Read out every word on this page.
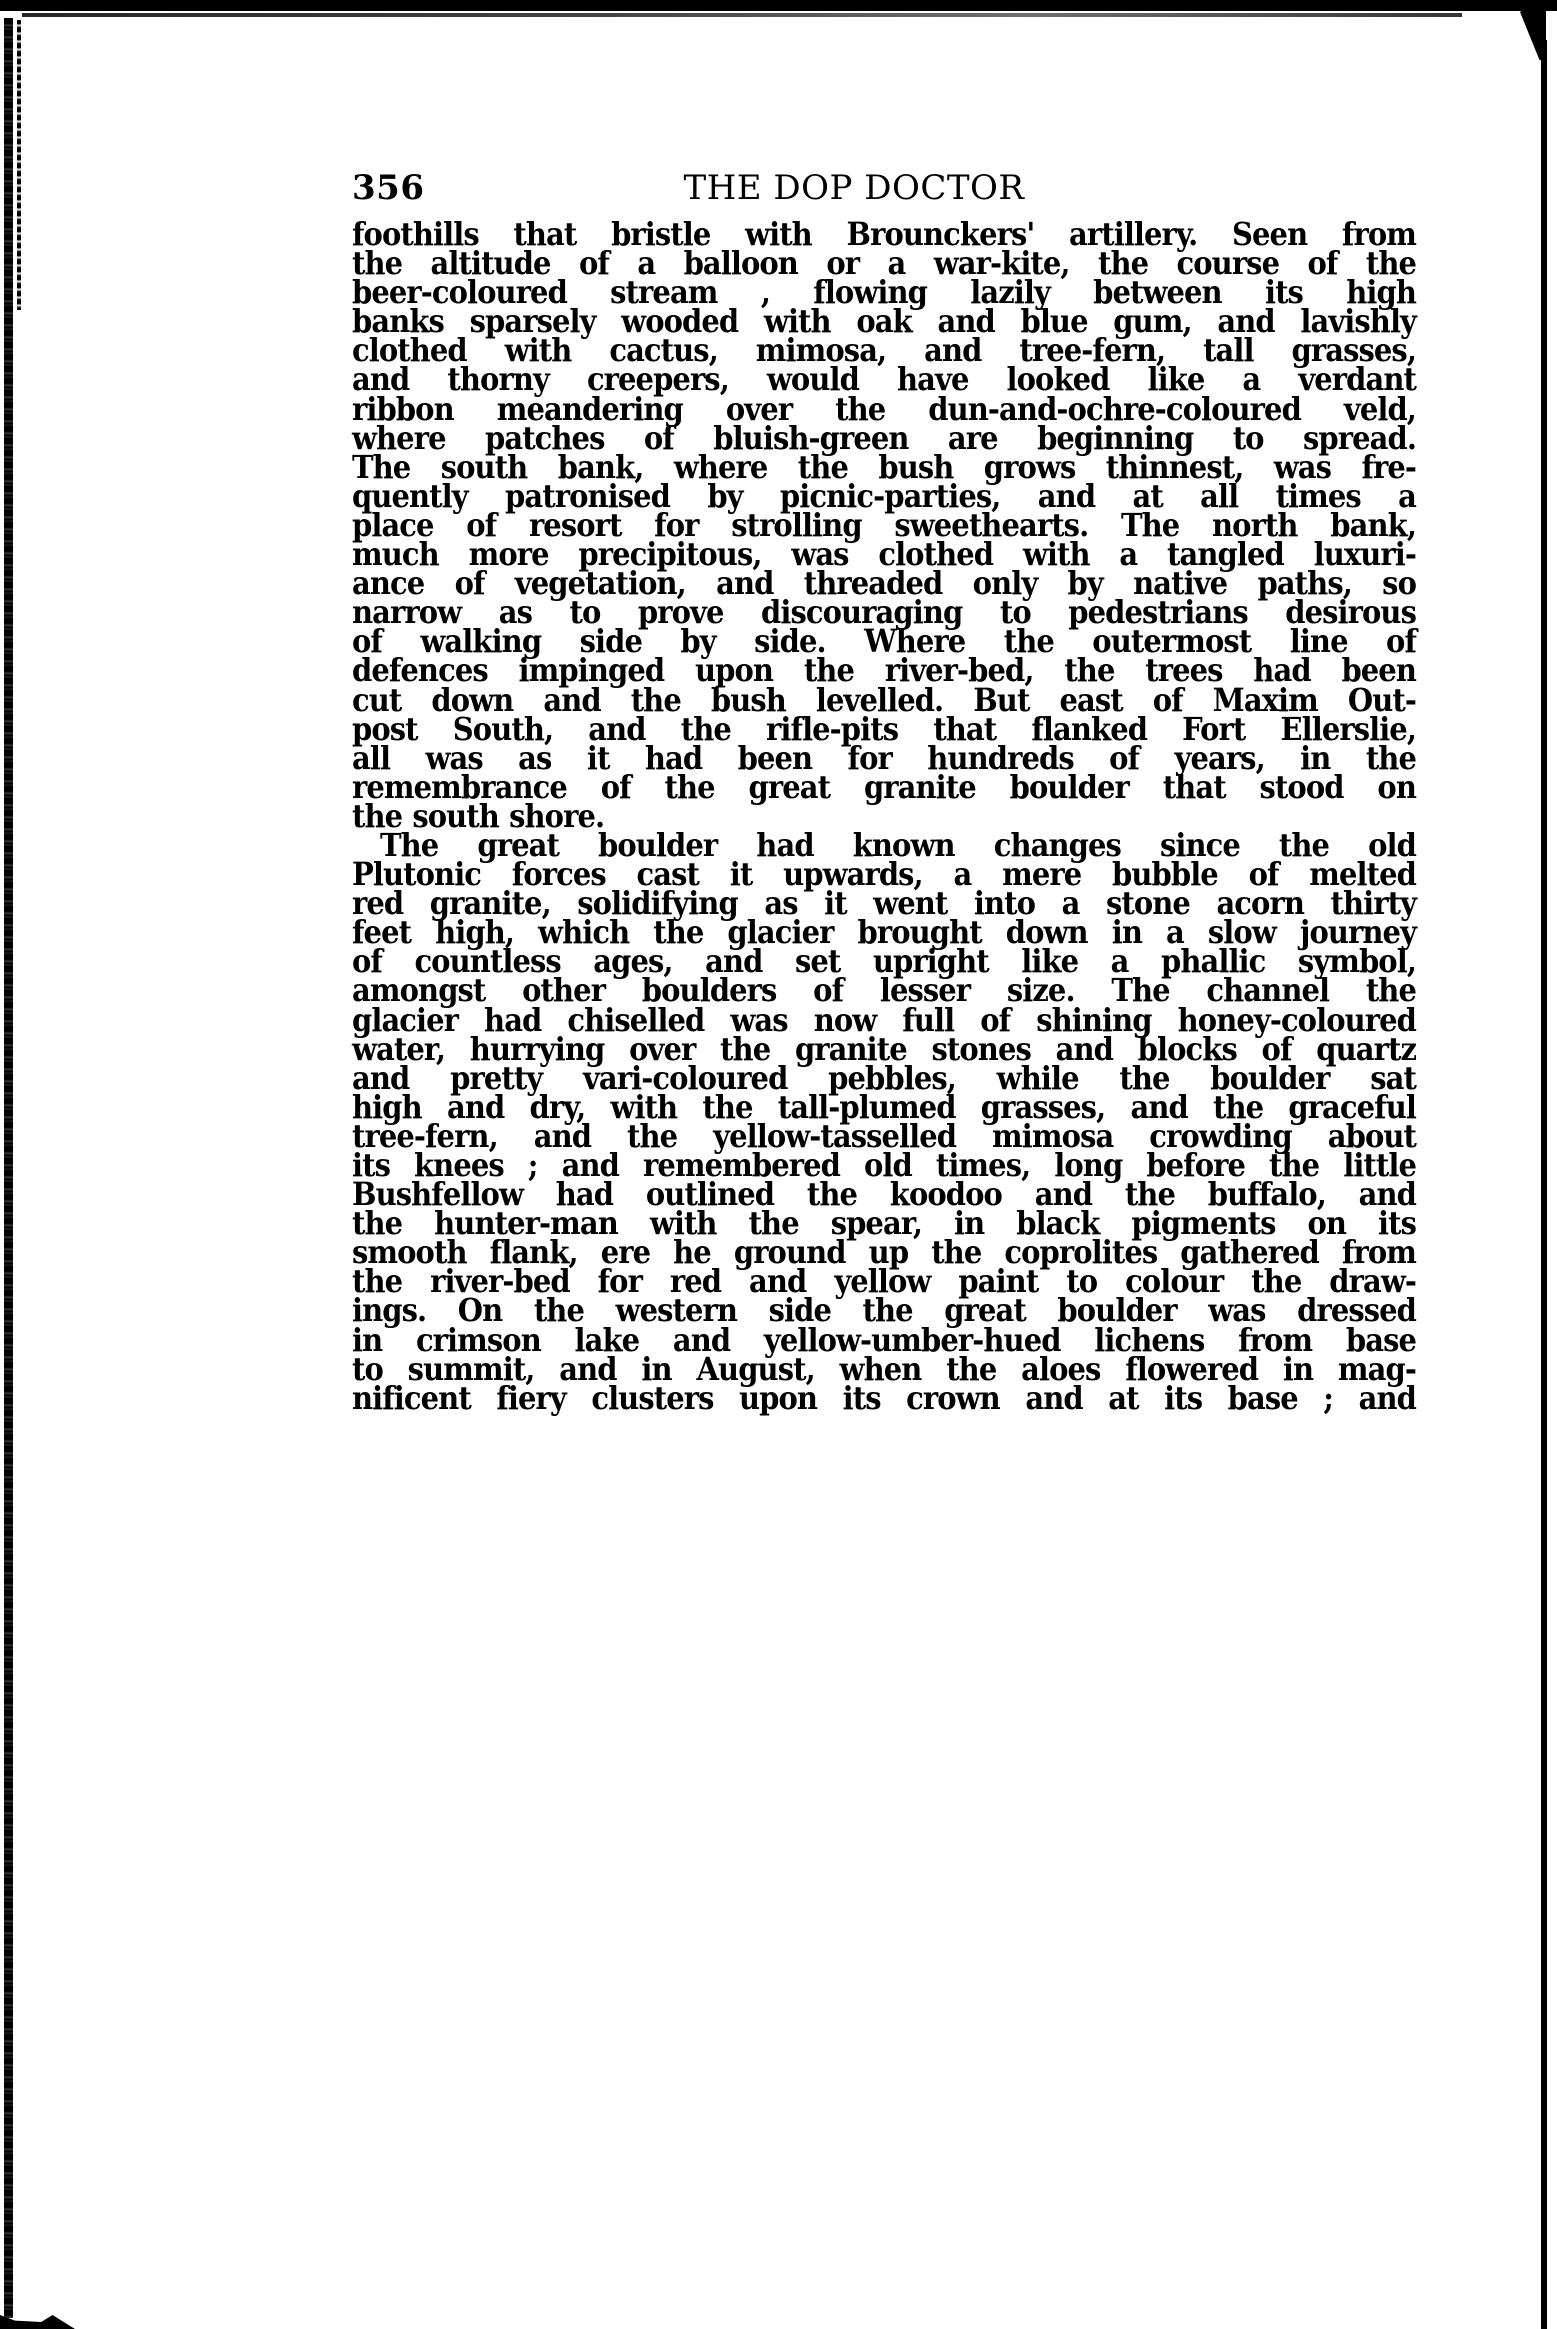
356	THE DOP DOCTOR
foothills that bristle with Brounckers' artillery. Seen from
the altitude of a balloon or a war-kite, the course of the
beer-coloured stream , flowing lazily between its high
banks sparsely wooded with oak and blue gum, and lavishly
clothed with cactus, mimosa, and tree-fern, tall grasses,
and thorny creepers, would have looked like a verdant
ribbon meandering over the dun-and-ochre-coloured veld,
where patches of bluish-green are beginning to spread.
The south bank, where the bush grows thinnest, was fre-
quently patronised by picnic-parties, and at all times a
place of resort for strolling sweethearts. The north bank,
much more precipitous, was clothed with a tangled luxuri-
ance of vegetation, and threaded only by native paths, so
narrow as to prove discouraging to pedestrians desirous
of walking side by side. Where the outermost line of
defences impinged upon the river-bed, the trees had been
cut down and the bush levelled. But east of Maxim Out-
post South, and the rifle-pits that flanked Fort Ellerslie,
all was as it had been for hundreds of years, in the
remembrance of the great granite boulder that stood on
the south shore.
The great boulder had known changes since the old
Plutonic forces cast it upwards, a mere bubble of melted
red granite, solidifying as it went into a stone acorn thirty
feet high, which the glacier brought down in a slow journey
of countless ages, and set upright like a phallic symbol,
amongst other boulders of lesser size. The channel the
glacier had chiselled was now full of shining honey-coloured
water, hurrying over the granite stones and blocks of quartz
and pretty vari-coloured pebbles, while the boulder sat
high and dry, with the tall-plumed grasses, and the graceful
tree-fern, and the yellow-tasselled mimosa crowding about
its knees ; and remembered old times, long before the little
Bushfellow had outlined the koodoo and the buffalo, and
the hunter-man with the spear, in black pigments on its
smooth flank, ere he ground up the coprolites gathered from
the river-bed for red and yellow paint to colour the draw-
ings. On the western side the great boulder was dressed
in crimson lake and yellow-umber-hued lichens from base
to summit, and in August, when the aloes flowered in mag-
nificent fiery clusters upon its crown and at its base ; and
